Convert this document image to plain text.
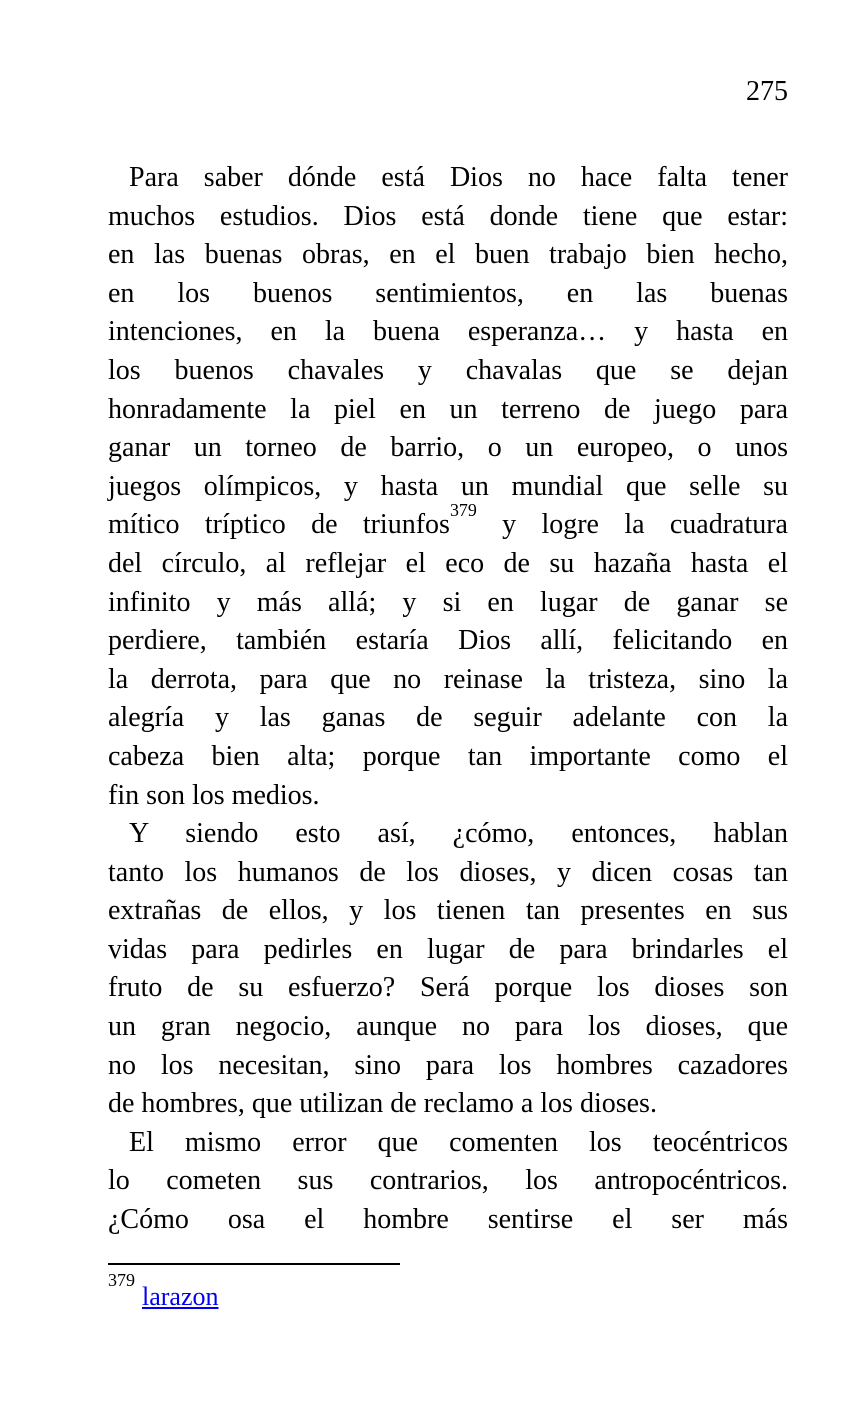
275
Para saber dónde está Dios no hace falta tener
muchos estudios. Dios está donde tiene que estar:
en las buenas obras, en el buen trabajo bien hecho,
en los buenos sentimientos, en las buenas
intenciones, en la buena esperanza… y hasta en
los buenos chavales y chavalas que se dejan
honradamente la piel en un terreno de juego para
ganar un torneo de barrio, o un europeo, o unos
juegos olímpicos, y hasta un mundial que selle su
mítico tríptico de triunfos$^{379}$ y logre la cuadratura
del círculo, al reflejar el eco de su hazaña hasta el
infinito y más allá; y si en lugar de ganar se
perdiere, también estaría Dios allí, felicitando en
la derrota, para que no reinase la tristeza, sino la
alegría y las ganas de seguir adelante con la
cabeza bien alta; porque tan importante como el
fin son los medios.
Y siendo esto así, ¿cómo, entonces, hablan
tanto los humanos de los dioses, y dicen cosas tan
extrañas de ellos, y los tienen tan presentes en sus
vidas para pedirles en lugar de para brindarles el
fruto de su esfuerzo? Será porque los dioses son
un gran negocio, aunque no para los dioses, que
no los necesitan, sino para los hombres cazadores
de hombres, que utilizan de reclamo a los dioses.
El mismo error que comenten los teocéntricos
lo cometen sus contrarios, los antropocéntricos.
¿Cómo osa el hombre sentirse el ser más
$^{379}$larazon
